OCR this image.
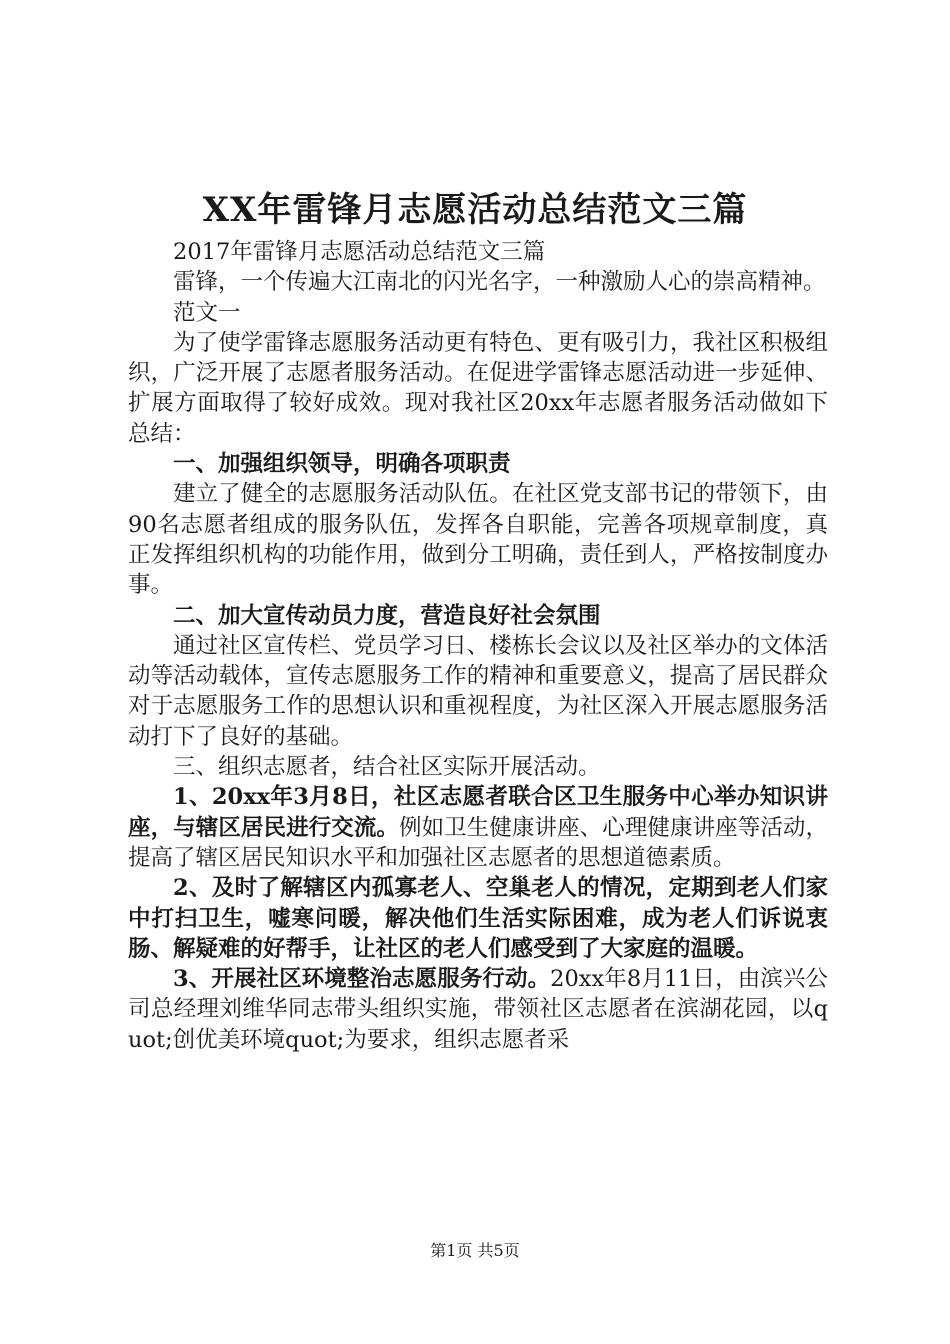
XX年雷锋月志愿活动总结范文三篇

2017年雷锋月志愿活动总结范文三篇

雷锋，一个传遍大江南北的闪光名字，一种激励人心的崇高精神。

范文一

为了使学雷锋志愿服务活动更有特色、更有吸引力，我社区积极组织，广泛开展了志愿者服务活动。在促进学雷锋志愿活动进一步延伸、扩展方面取得了较好成效。现对我社区20xx年志愿者服务活动做如下总结：

一、加强组织领导，明确各项职责

建立了健全的志愿服务活动队伍。在社区党支部书记的带领下，由90名志愿者组成的服务队伍，发挥各自职能，完善各项规章制度，真正发挥组织机构的功能作用，做到分工明确，责任到人，严格按制度办事。

二、加大宣传动员力度，营造良好社会氛围

通过社区宣传栏、党员学习日、楼栋长会议以及社区举办的文体活动等活动载体，宣传志愿服务工作的精神和重要意义，提高了居民群众对于志愿服务工作的思想认识和重视程度，为社区深入开展志愿服务活动打下了良好的基础。

三、组织志愿者，结合社区实际开展活动。

1、20xx年3月8日，社区志愿者联合区卫生服务中心举办知识讲座，与辖区居民进行交流。例如卫生健康讲座、心理健康讲座等活动，提高了辖区居民知识水平和加强社区志愿者的思想道德素质。

2、及时了解辖区内孤寡老人、空巢老人的情况，定期到老人们家中打扫卫生，嘘寒问暖，解决他们生活实际困难，成为老人们诉说衷肠、解疑难的好帮手，让社区的老人们感受到了大家庭的温暖。

3、开展社区环境整治志愿服务行动。20xx年8月11日，由滨兴公司总经理刘维华同志带头组织实施，带领社区志愿者在滨湖花园，以quot;创优美环境quot;为要求，组织志愿者采

第1页 共5页
